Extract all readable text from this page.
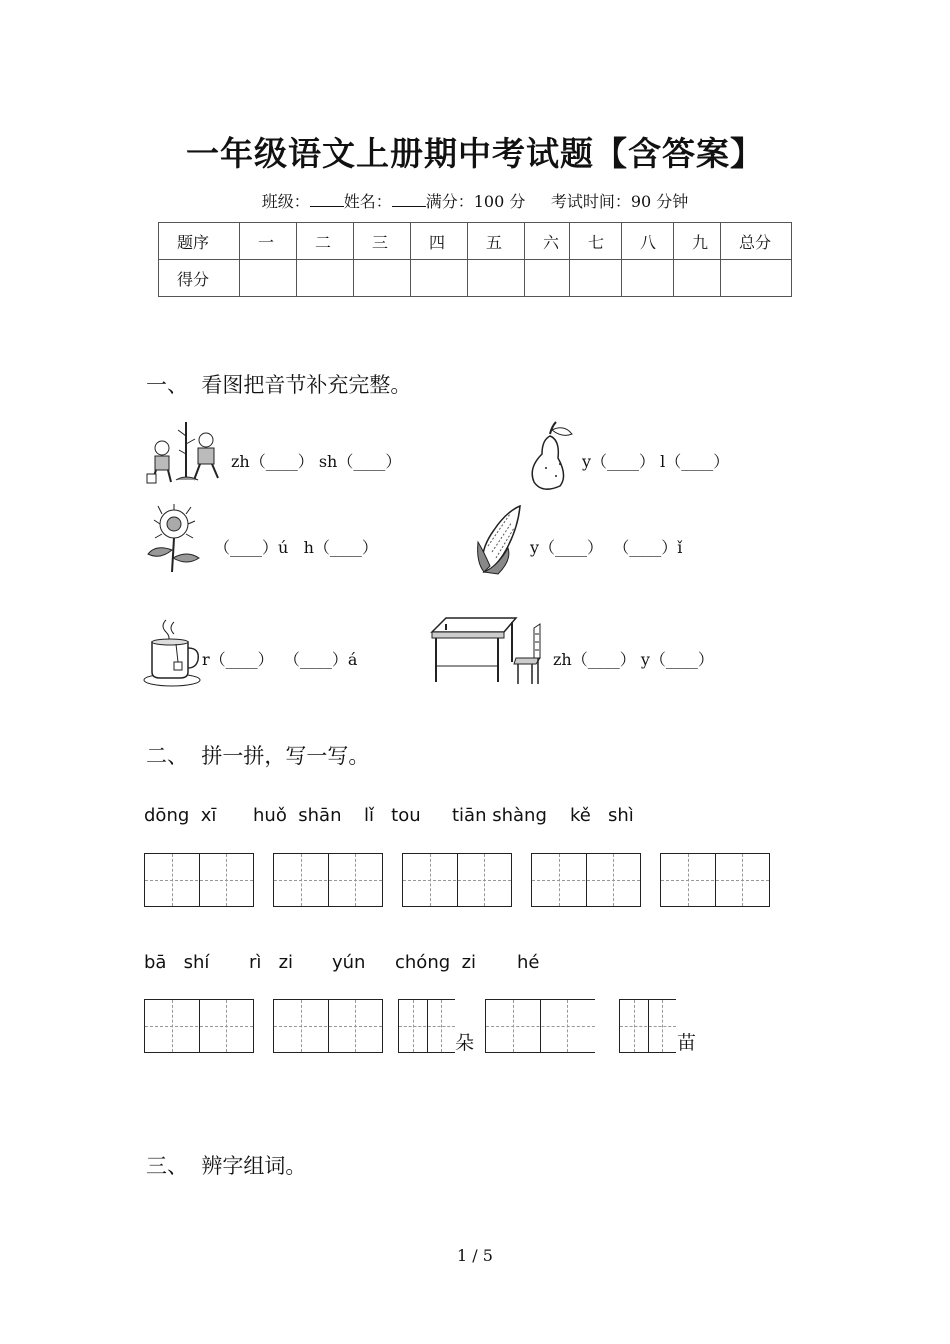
一年级语文上册期中考试题【含答案】
班级： 姓名： 满分：100 分 考试时间：90 分钟
题序	一	二	三	四	五	六	七	八	九	总分
得分										
一、  看图把音节补充完整。
zh（____） sh（____）	y（____） l（____）
（____）ú   h（____）	y（____）  （____）ǐ
r（____）  （____）á	zh（____） y（____）
二、  拼一拼，写一写。
dōng  xī huǒ  shān lǐ   tou tiān shàng kě   shì
bā   shí rì   zi yún chóng  zi hé
朵	苗
三、  辨字组词。
1 / 5
